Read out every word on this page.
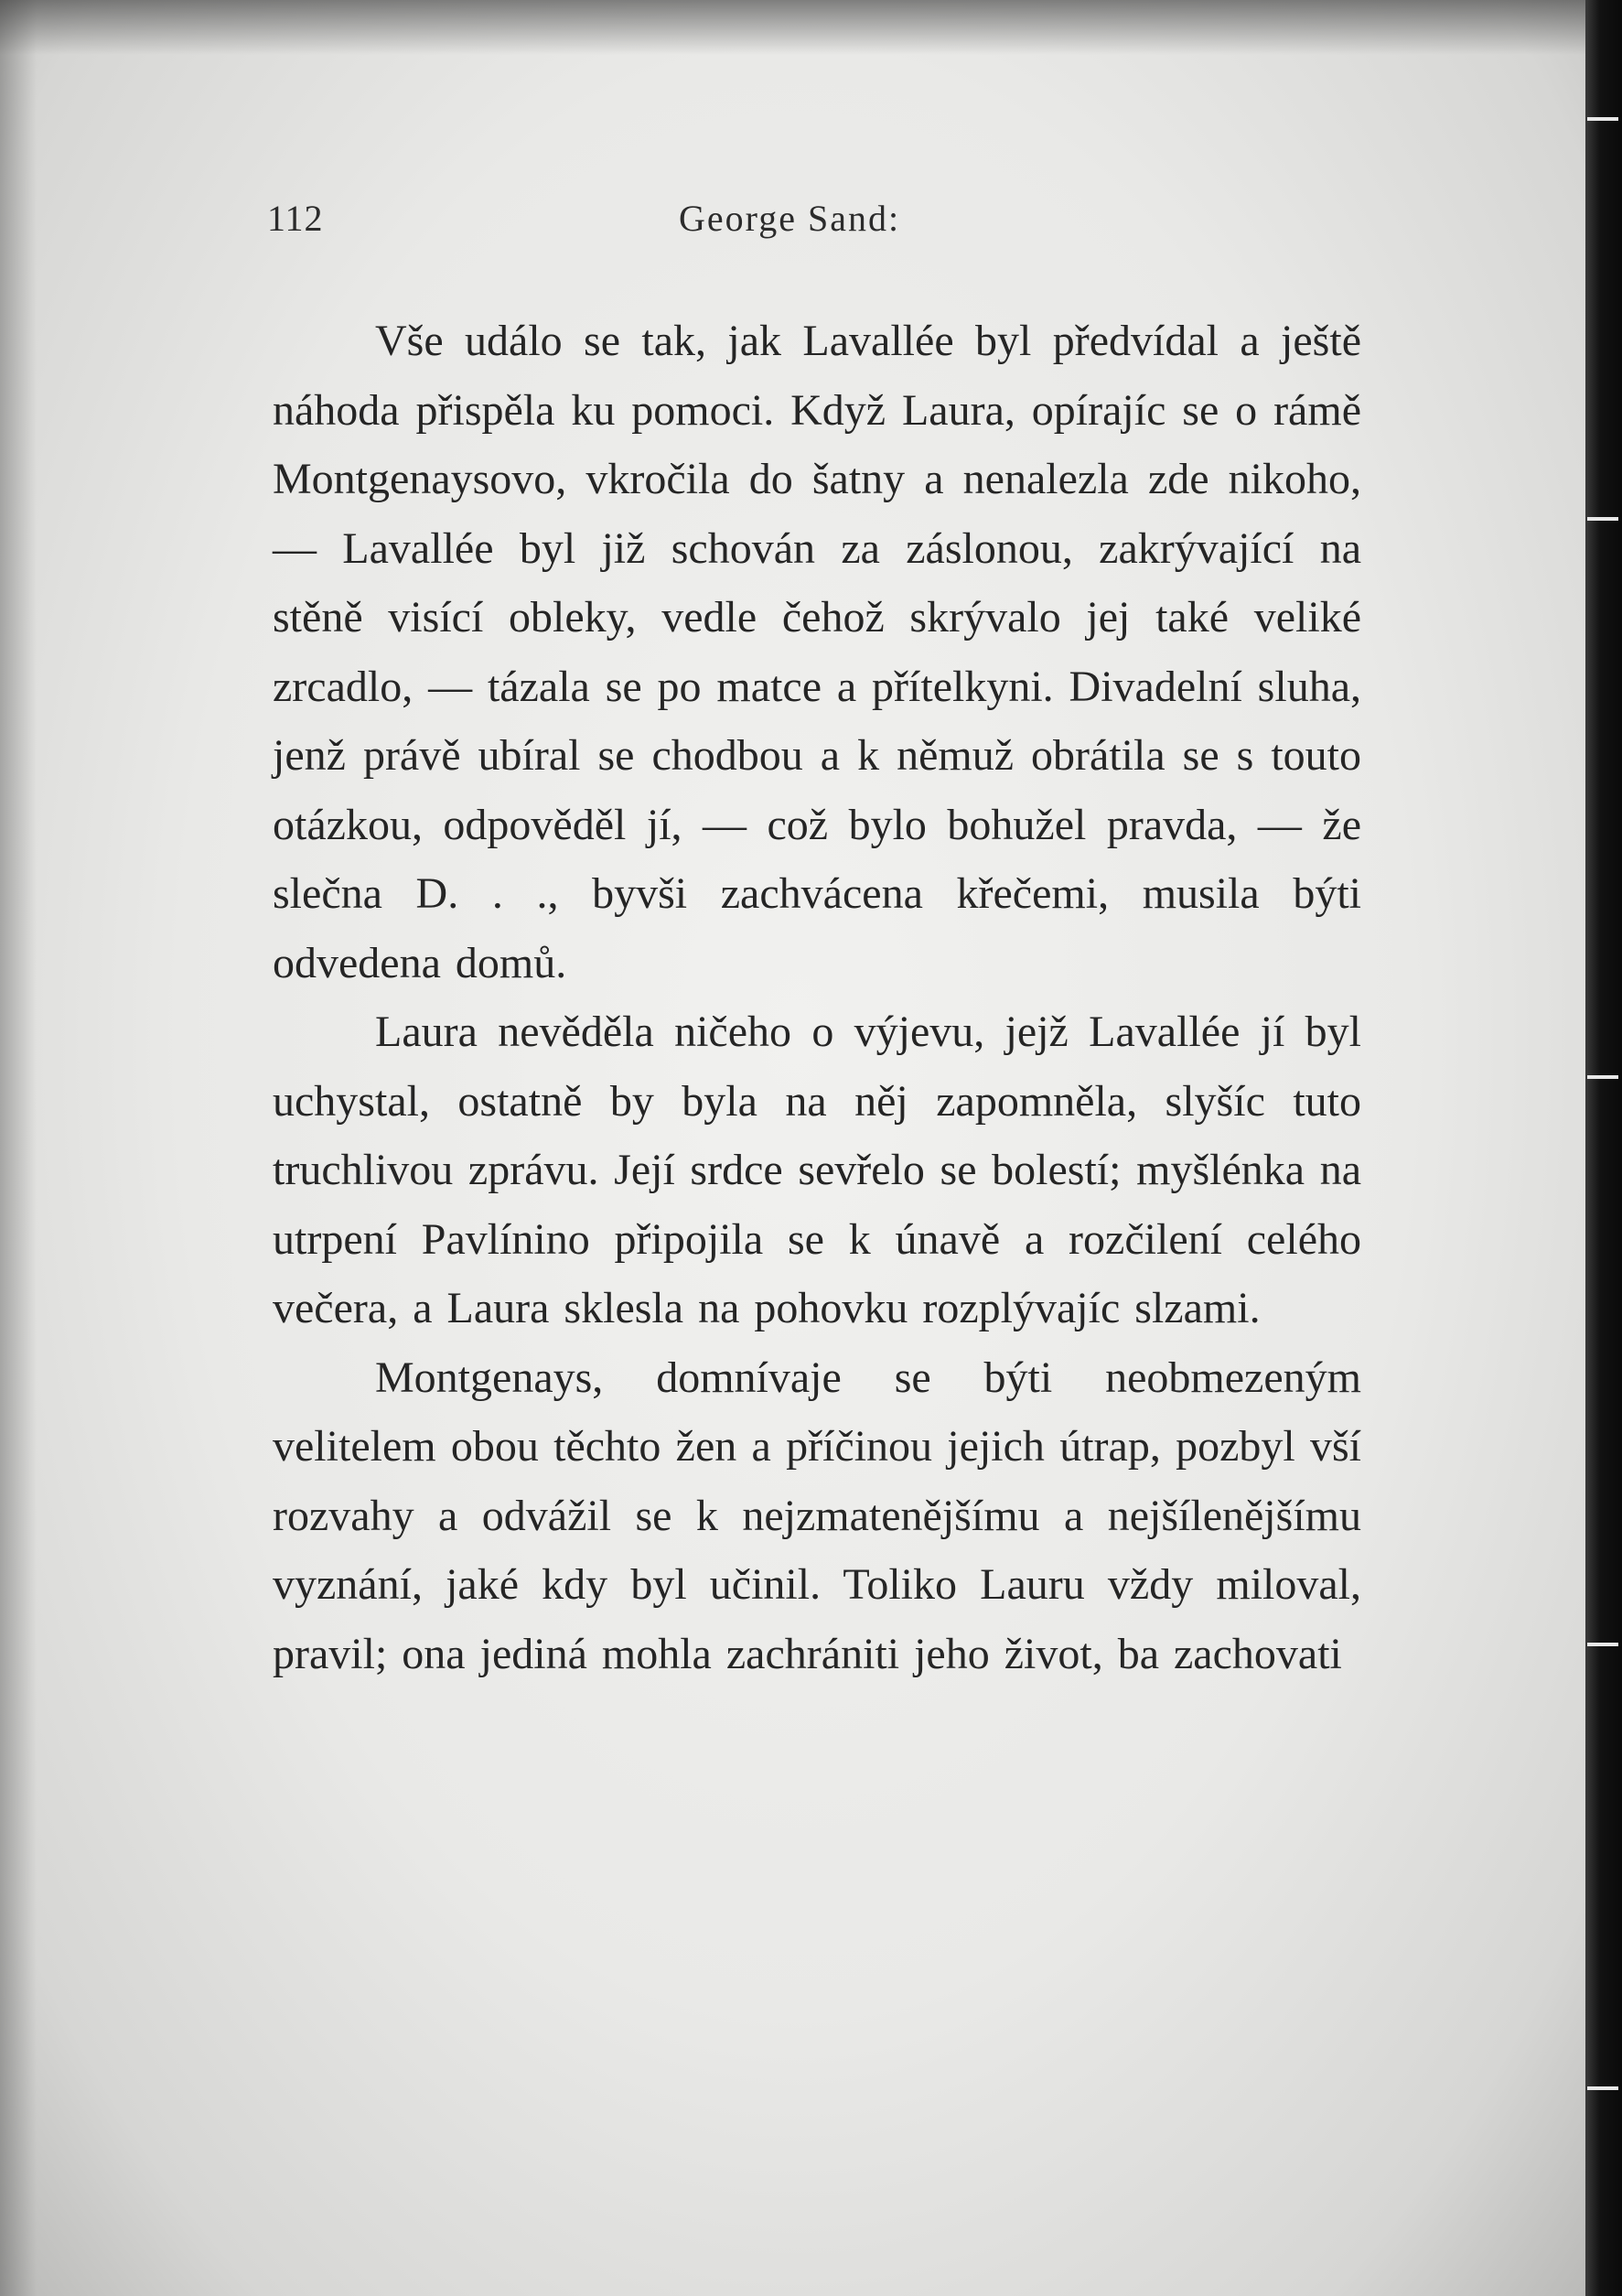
112	George Sand:

Vše událo se tak, jak Lavallée byl předvídal a ještě náhoda přispěla ku pomoci. Když Laura, opírajíc se o rámě Montgenaysovo, vkročila do šatny a nenalezla zde nikoho, — Lavallée byl již schován za záslonou, zakrývající na stěně visící obleky, vedle čehož skrývalo jej také veliké zrcadlo, — tázala se po matce a přítelkyni. Divadelní sluha, jenž právě ubíral se chodbou a k němuž obrátila se s touto otázkou, odpověděl jí, — což bylo bohužel pravda, — že slečna D. . ., byvši zachvácena křečemi, musila býti odvedena domů.

Laura nevěděla ničeho o výjevu, jejž Lavallée jí byl uchystal, ostatně by byla na něj zapomněla, slyšíc tuto truchlivou zprávu. Její srdce sevřelo se bolestí; myšlénka na utrpení Pavlínino připojila se k únavě a rozčilení celého večera, a Laura sklesla na pohovku rozplývajíc slzami.

Montgenays, domnívaje se býti neobmezeným velitelem obou těchto žen a příčinou jejich útrap, pozbyl vší rozvahy a odvážil se k nejzmatenějšímu a nejšílenějšímu vyznání, jaké kdy byl učinil. Toliko Lauru vždy miloval, pravil; ona jediná mohla zachrániti jeho život, ba zachovati
